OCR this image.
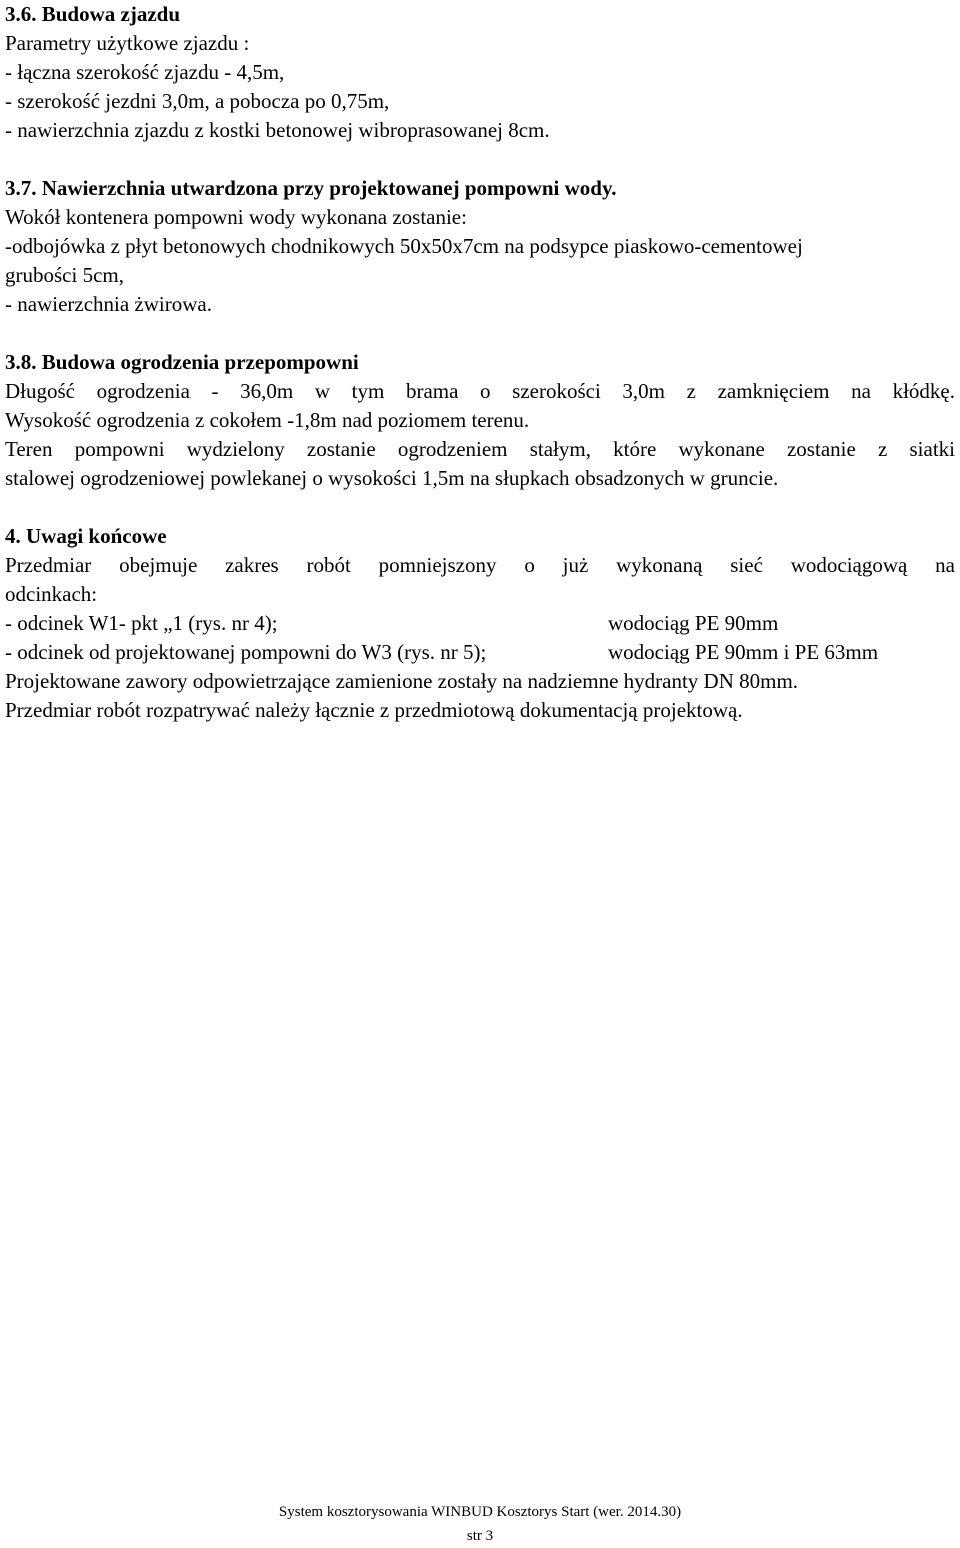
3.6. Budowa zjazdu

Parametry użytkowe zjazdu :

- łączna szerokość zjazdu - 4,5m,

- szerokość jezdni 3,0m, a pobocza po 0,75m,

- nawierzchnia zjazdu z kostki betonowej wibroprasowanej 8cm.

3.7. Nawierzchnia utwardzona przy projektowanej pompowni wody.

Wokół kontenera pompowni wody wykonana zostanie:

-odbojówka z płyt betonowych chodnikowych 50x50x7cm na podsypce piaskowo-cementowej

grubości 5cm,

- nawierzchnia żwirowa.

3.8. Budowa ogrodzenia przepompowni

Długość ogrodzenia - 36,0m w tym brama o szerokości 3,0m z zamknięciem na kłódkę.

Wysokość ogrodzenia z cokołem -1,8m nad poziomem terenu.

Teren pompowni wydzielony zostanie ogrodzeniem stałym, które wykonane zostanie z siatki

stalowej ogrodzeniowej powlekanej o wysokości 1,5m na słupkach obsadzonych w gruncie.

4. Uwagi końcowe

Przedmiar obejmuje zakres robót pomniejszony o już wykonaną sieć wodociągową na

odcinkach:

- odcinek W1- pkt „1 (rys. nr 4);	wodociąg PE 90mm
- odcinek od projektowanej pompowni do W3 (rys. nr 5);	wodociąg PE 90mm i PE 63mm

Projektowane zawory odpowietrzające zamienione zostały na nadziemne hydranty DN 80mm.

Przedmiar robót rozpatrywać należy łącznie z przedmiotową dokumentacją projektową.

System kosztorysowania WINBUD Kosztorys Start (wer. 2014.30)
str 3
